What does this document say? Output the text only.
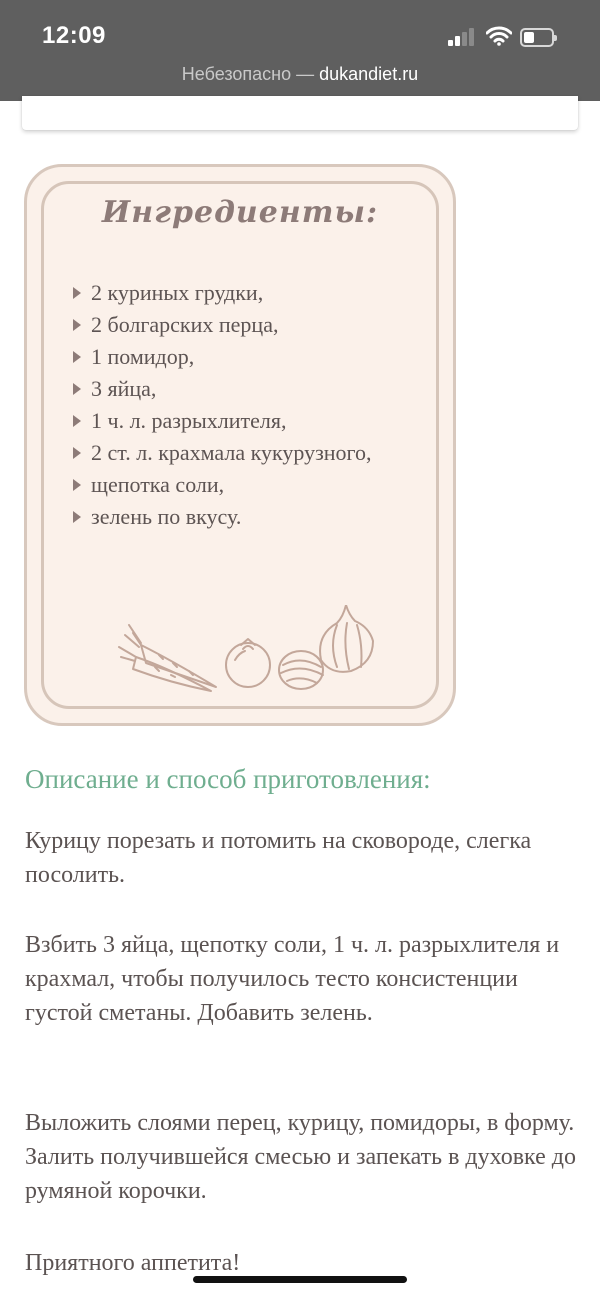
12:09
Небезопасно — dukandiet.ru
Ингредиенты:
2 куриных грудки,
2 болгарских перца,
1 помидор,
3 яйца,
1 ч. л. разрыхлителя,
2 ст. л. крахмала кукурузного,
щепотка соли,
зелень по вкусу.
Описание и способ приготовления:
Курицу порезать и потомить на сковороде, слегка посолить.
Взбить 3 яйца, щепотку соли, 1 ч. л. разрыхлителя и крахмал, чтобы получилось тесто консистенции густой сметаны. Добавить зелень.
Выложить слоями перец, курицу, помидоры, в форму. Залить получившейся смесью и запекать в духовке до румяной корочки.
Приятного аппетита!
